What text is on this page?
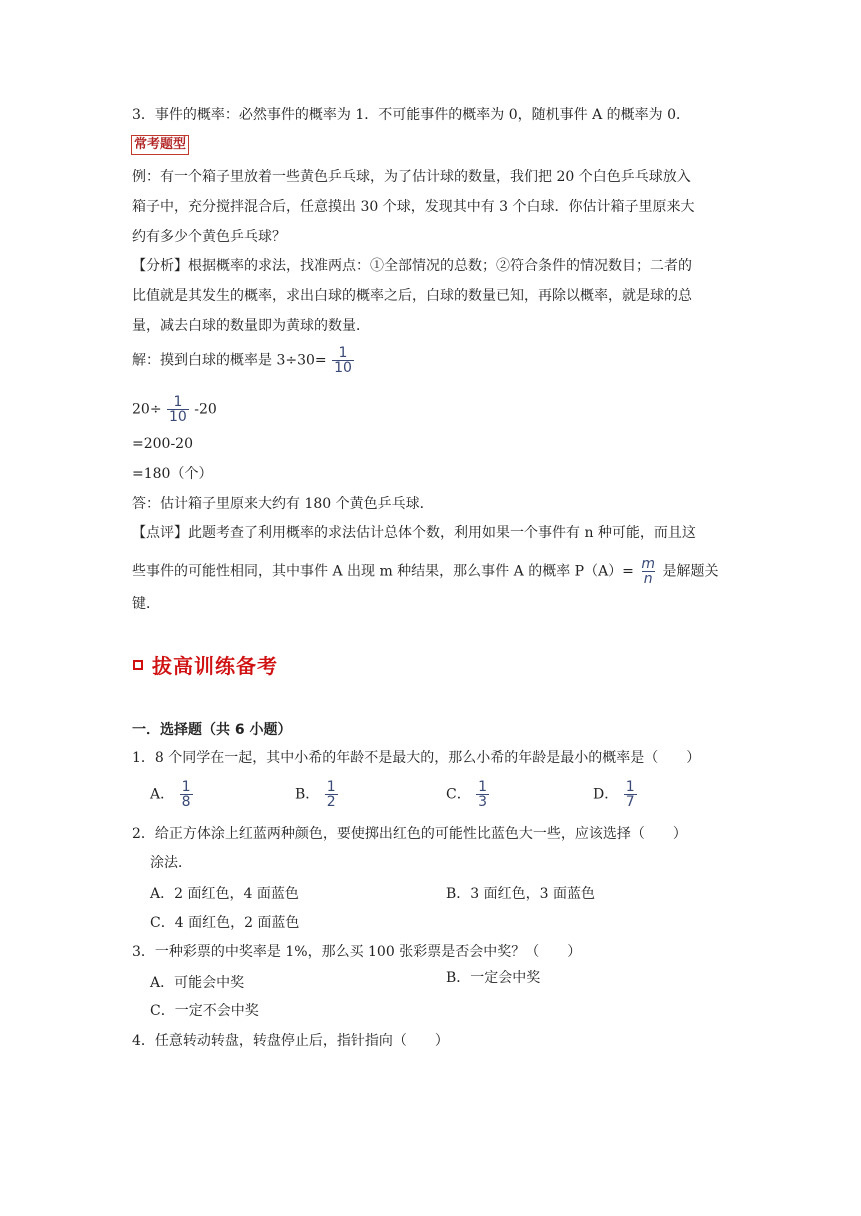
3．事件的概率：必然事件的概率为 1．不可能事件的概率为 0，随机事件 A 的概率为 0．
常考题型
例：有一个箱子里放着一些黄色乒乓球，为了估计球的数量，我们把 20 个白色乒乓球放入
箱子中，充分搅拌混合后，任意摸出 30 个球，发现其中有 3 个白球．你估计箱子里原来大
约有多少个黄色乒乓球？
【分析】根据概率的求法，找准两点：①全部情况的总数；②符合条件的情况数目；二者的
比值就是其发生的概率，求出白球的概率之后，白球的数量已知，再除以概率，就是球的总
量，减去白球的数量即为黄球的数量．
解：摸到白球的概率是 $3\div 30= \frac{1}{10}$
$20\div \frac{1}{10} -20$
=200-20
=180（个）
答：估计箱子里原来大约有 180 个黄色乒乓球．
【点评】此题考查了利用概率的求法估计总体个数，利用如果一个事件有 n 种可能，而且这
些事件的可能性相同，其中事件 A 出现 m 种结果，那么事件 A 的概率 $P(A)= \frac{m}{n}$ 是解题关
键．
拔高训练备考
一．选择题（共 6 小题）
1．8 个同学在一起，其中小希的年龄不是最大的，那么小希的年龄是最小的概率是（　　）
A． $\frac{1}{8}$	B． $\frac{1}{2}$	C． $\frac{1}{3}$	D． $\frac{1}{7}$
2．给正方体涂上红蓝两种颜色，要使掷出红色的可能性比蓝色大一些，应该选择（　　）
涂法．
A．2 面红色，4 面蓝色	B．3 面红色，3 面蓝色
C．4 面红色，2 面蓝色
3．一种彩票的中奖率是 1%，那么买 100 张彩票是否会中奖？（　　）
A．可能会中奖	B．一定会中奖
C．一定不会中奖
4．任意转动转盘，转盘停止后，指针指向（　　）
